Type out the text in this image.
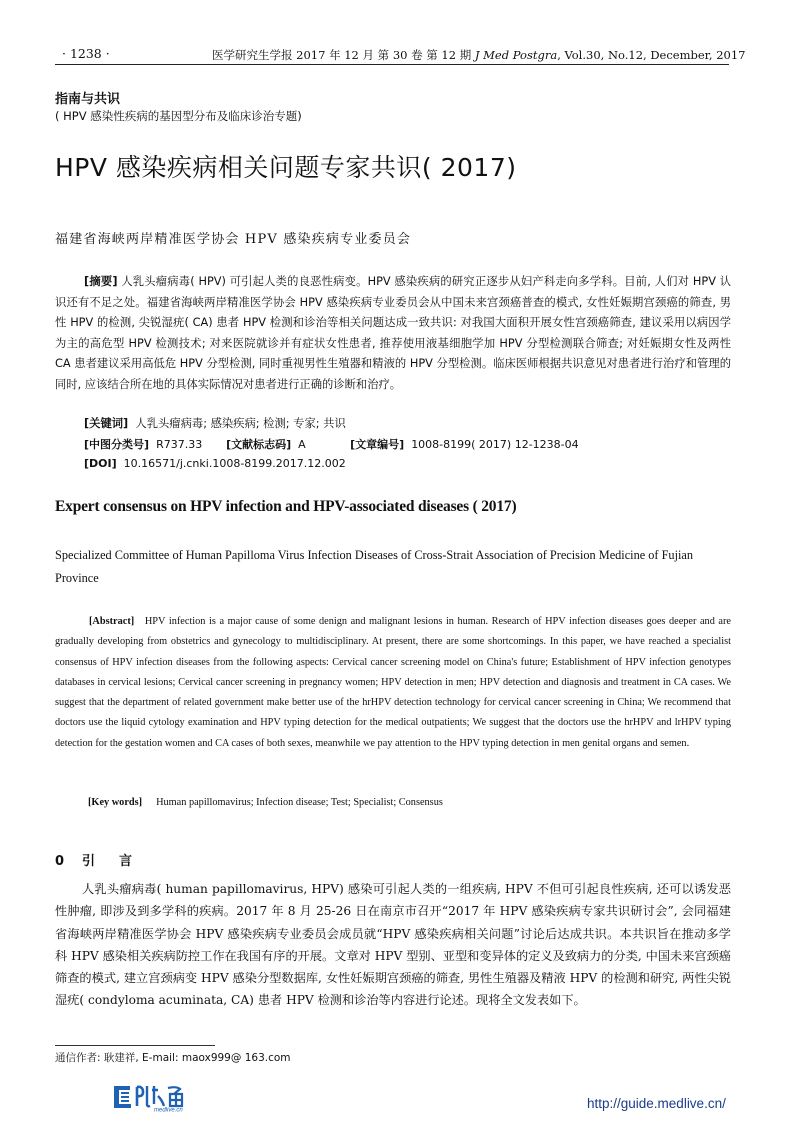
· 1238 ·	医学研究生学报 2017 年 12 月 第 30 卷 第 12 期 J Med Postgra, Vol.30, No.12, December, 2017
指南与共识
( HPV 感染性疾病的基因型分布及临床诊治专题)
HPV 感染疾病相关问题专家共识( 2017)
福建省海峡两岸精准医学协会 HPV 感染疾病专业委员会

[摘要] 人乳头瘤病毒( HPV) 可引起人类的良恶性病变。HPV 感染疾病的研究正逐步从妇产科走向多学科。目前, 人们对 HPV 认识还有不足之处。福建省海峡两岸精准医学协会 HPV 感染疾病专业委员会从中国未来宫颈癌普查的模式, 女性妊娠期宫颈癌的筛查, 男性 HPV 的检测, 尖锐湿疣( CA) 患者 HPV 检测和诊治等相关问题达成一致共识: 对我国大面积开展女性宫颈癌筛查, 建议采用以病因学为主的高危型 HPV 检测技术; 对来医院就诊并有症状女性患者, 推荐使用液基细胞学加 HPV 分型检测联合筛查; 对妊娠期女性及两性 CA 患者建议采用高低危 HPV 分型检测, 同时重视男性生殖器和精液的 HPV 分型检测。临床医师根据共识意见对患者进行治疗和管理的同时, 应该结合所在地的具体实际情况对患者进行正确的诊断和治疗。

[关键词] 人乳头瘤病毒; 感染疾病; 检测; 专家; 共识
[中图分类号] R737.33 [文献标志码] A	[文章编号] 1008-8199( 2017) 12-1238-04
[DOI] 10.16571/j.cnki.1008-8199.2017.12.002
Expert consensus on HPV infection and HPV-associated diseases ( 2017)

Specialized Committee of Human Papilloma Virus Infection Diseases of Cross-Strait Association of Precision Medicine of Fujian Province

[Abstract] HPV infection is a major cause of some denign and malignant lesions in human. Research of HPV infection diseases goes deeper and are gradually developing from obstetrics and gynecology to multidisciplinary. At present, there are some shortcomings. In this paper, we have reached a specialist consensus of HPV infection diseases from the following aspects: Cervical cancer screening model on China's future; Establishment of HPV infection genotypes databases in cervical lesions; Cervical cancer screening in pregnancy women; HPV detection in men; HPV detection and diagnosis and treatment in CA cases. We suggest that the department of related government make better use of the hrHPV detection technology for cervical cancer screening in China; We recommend that doctors use the liquid cytology examination and HPV typing detection for the medical outpatients; We suggest that the doctors use the hrHPV and lrHPV typing detection for the gestation women and CA cases of both sexes, meanwhile we pay attention to the HPV typing detection in men genital organs and semen.

[Key words] Human papillomavirus; Infection disease; Test; Specialist; Consensus
0 引言

人乳头瘤病毒( human papillomavirus, HPV) 感染可引起人类的一组疾病, HPV 不但可引起良性疾病, 还可以诱发恶性肿瘤, 即涉及到多学科的疾病。2017 年 8 月 25-26 日在南京市召开“2017 年 HPV 感染疾病专家共识研讨会”, 会同福建省海峡两岸精准医学协会 HPV 感染疾病专业委员会成员就“HPV 感染疾病相关问题”讨论后达成共识。本共识旨在推动多学科 HPV 感染相关疾病防控工作在我国有序的开展。文章对 HPV 型别、亚型和变异体的定义及致病力的分类, 中国未来宫颈癌筛查的模式, 建立宫颈病变 HPV 感染分型数据库, 女性妊娠期宫颈癌的筛查, 男性生殖器及精液 HPV 的检测和研究, 两性尖锐湿疣( condyloma acuminata, CA) 患者 HPV 检测和诊治等内容进行论述。现将全文发表如下。

通信作者: 耿建祥, E-mail: maox999@ 163.com
medlive.cn	http://guide.medlive.cn/
